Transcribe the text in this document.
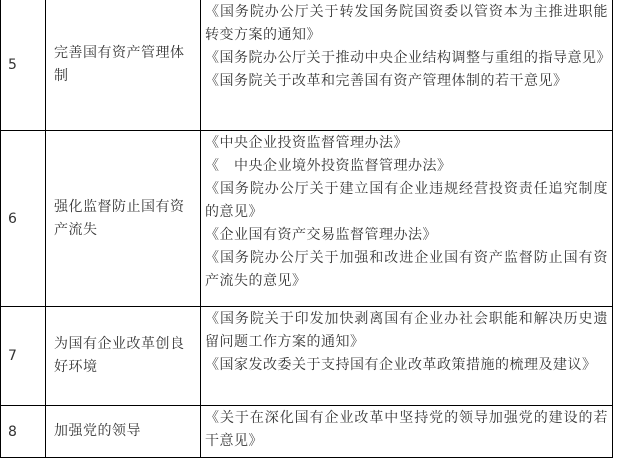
5	完善国有资产管理体制	《国务院办公厅关于转发国务院国资委以管资本为主推进职能转变方案的通知》
《国务院办公厅关于推动中央企业结构调整与重组的指导意见》
《国务院关于改革和完善国有资产管理体制的若干意见》

6	强化监督防止国有资产流失	《中央企业投资监督管理办法》
《　中央企业境外投资监督管理办法》
《国务院办公厅关于建立国有企业违规经营投资责任追究制度的意见》
《企业国有资产交易监督管理办法》
《国务院办公厅关于加强和改进企业国有资产监督防止国有资产流失的意见》

7	为国有企业改革创良好环境	《国务院关于印发加快剥离国有企业办社会职能和解决历史遗留问题工作方案的通知》
《国家发改委关于支持国有企业改革政策措施的梳理及建议》

8	加强党的领导	《关于在深化国有企业改革中坚持党的领导加强党的建设的若干意见》
